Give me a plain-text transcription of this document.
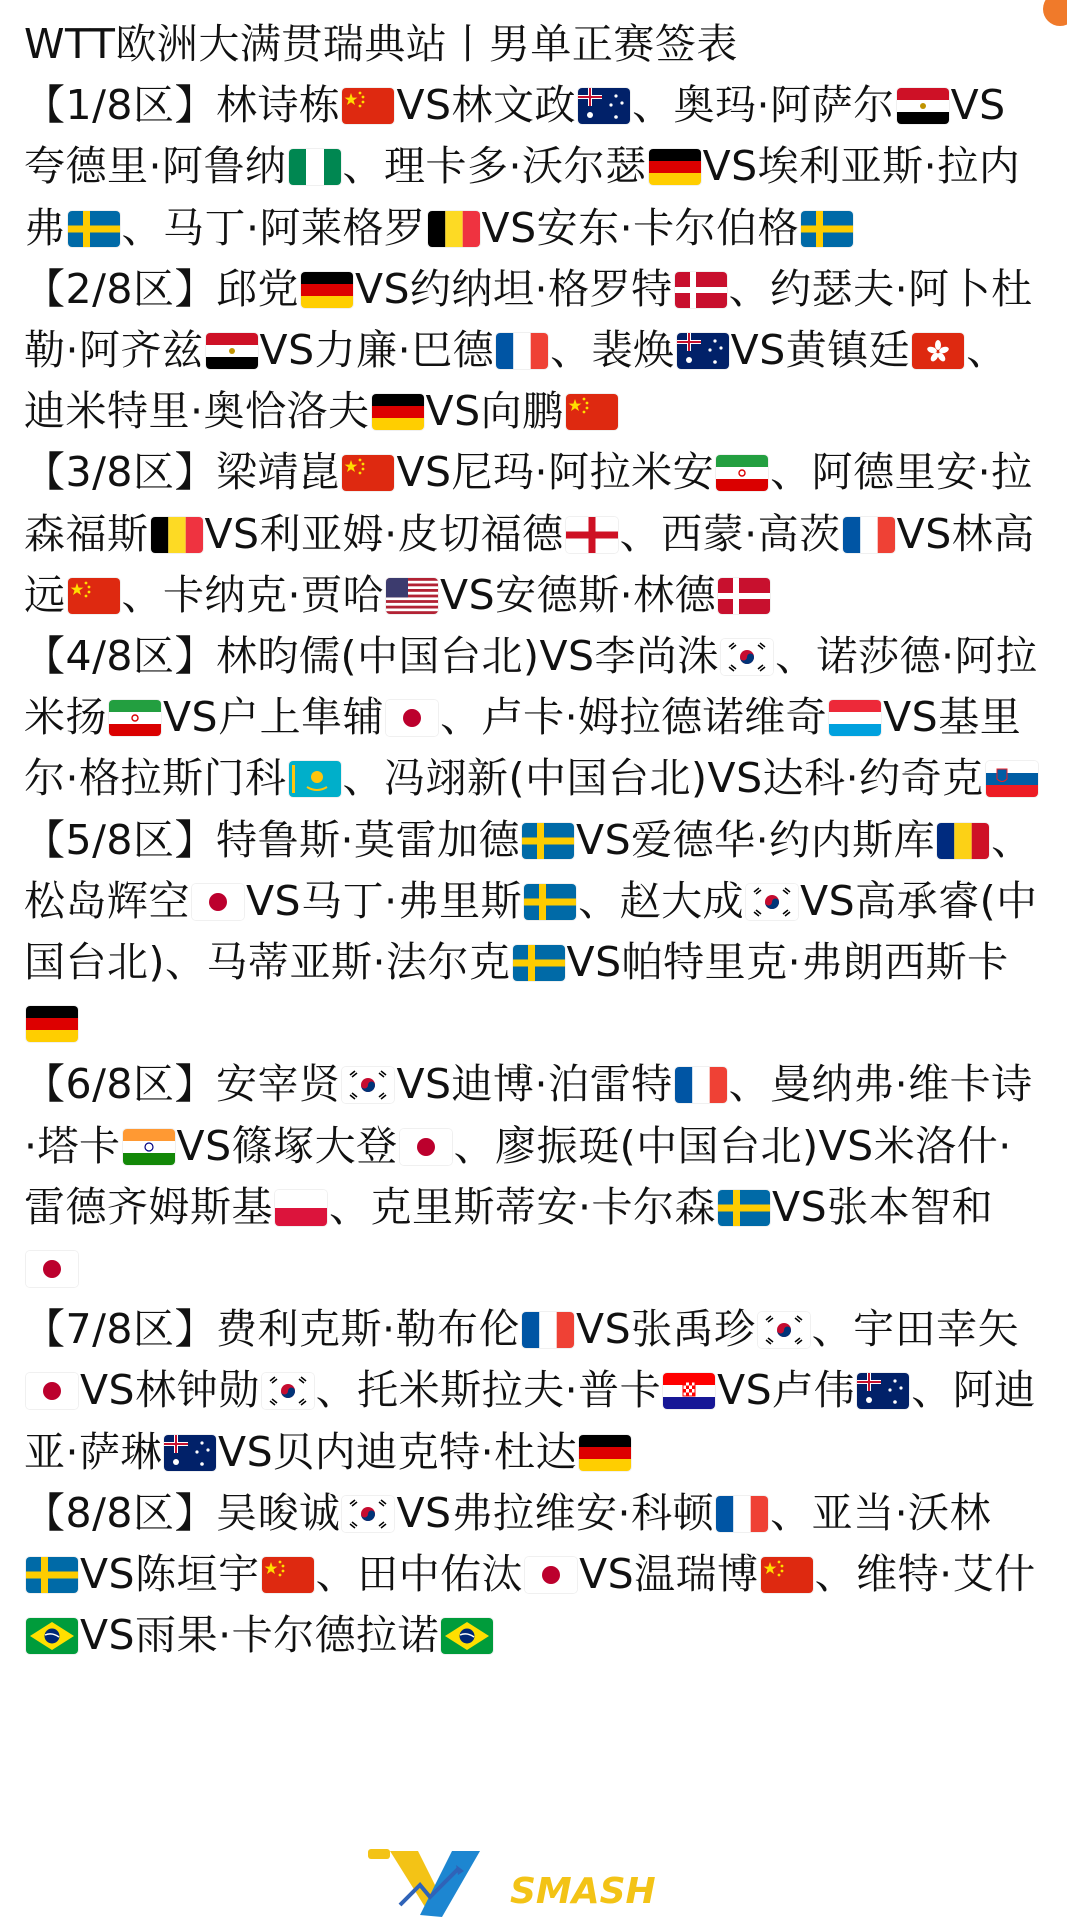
WTT欧洲大满贯瑞典站丨男单正赛签表
【1/8区】林诗栋 VS林文政 、奥玛·阿萨尔 VS夸德里·阿鲁纳 、理卡多·沃尔瑟 VS埃利亚斯·拉内弗 、马丁·阿莱格罗 VS安东·卡尔伯格
【2/8区】邱党 VS约纳坦·格罗特 、约瑟夫·阿卜杜勒·阿齐兹 VS力廉·巴德 、裴焕 VS黄镇廷 、迪米特里·奥恰洛夫 VS向鹏
【3/8区】梁靖崑 VS尼玛·阿拉米安 、阿德里安·拉森福斯 VS利亚姆·皮切福德 、西蒙·高茨 VS林高远 、卡纳克·贾哈 VS安德斯·林德
【4/8区】林昀儒(中国台北)VS李尚洙 、诺莎德·阿拉米扬 VS户上隼辅 、卢卡·姆拉德诺维奇 VS基里尔·格拉斯门科 、冯翊新(中国台北)VS达科·约奇克
【5/8区】特鲁斯·莫雷加德 VS爱德华·约内斯库 、松岛辉空 VS马丁·弗里斯 、赵大成 VS高承睿(中国台北)、马蒂亚斯·法尔克 VS帕特里克·弗朗西斯卡
【6/8区】安宰贤 VS迪博·泊雷特 、曼纳弗·维卡诗·塔卡 VS篠塚大登 、廖振珽(中国台北)VS米洛什·雷德齐姆斯基 、克里斯蒂安·卡尔森 VS张本智和
【7/8区】费利克斯·勒布伦 VS张禹珍 、宇田幸矢
VS林钟勋 、托米斯拉夫·普卡 VS卢伟 、阿迪亚·萨琳 VS贝内迪克特·杜达
【8/8区】吴晙诚 VS弗拉维安·科顿 、亚当·沃林
VS陈垣宇 、田中佑汰 VS温瑞博 、维特·艾什
VS雨果·卡尔德拉诺
SMASH
